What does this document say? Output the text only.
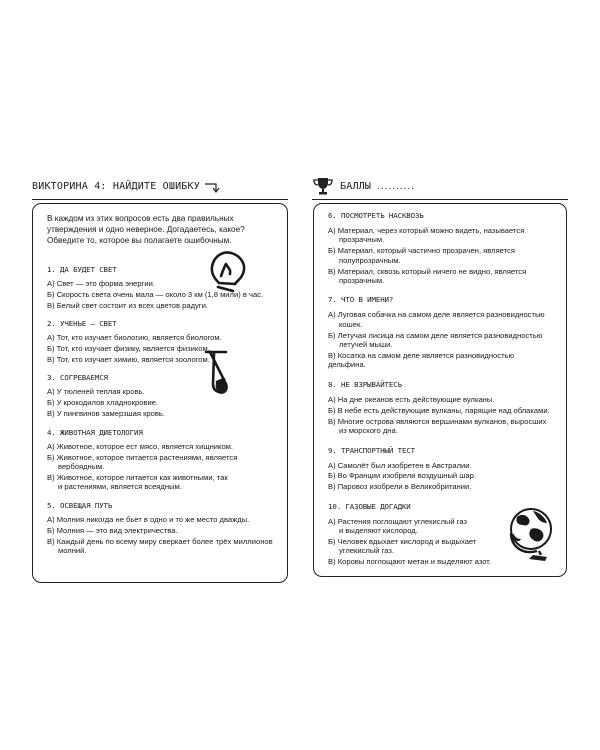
ВИКТОРИНА 4: НАЙДИТЕ ОШИБКУ	БАЛЛЫ ..........

В каждом из этих вопросов есть два правильных утверждения и одно неверное. Догадаетесь, какое? Обведите то, которое вы полагаете ошибочным.

1. ДА БУДЕТ СВЕТ

А) Свет — это форма энергии.

Б) Скорость света очень мала — около 3 км (1,8 мили) в час.

В) Белый свет состоит из всех цветов радуги.

2. УЧЕНЬЕ – СВЕТ

А) Тот, кто изучает биологию, является биологом.

Б) Тот, кто изучает физику, является физиком.

В) Тот, кто изучает химию, является зоологом.

3. СОГРЕВАЕМСЯ

А) У тюленей теплая кровь.

Б) У крокодилов хладнокровие.

В) У пингвинов замерзшая кровь.

4. ЖИВОТНАЯ ДИЕТОЛОГИЯ

А) Животное, которое ест мясо, является хищником.

Б) Животное, которое питается растениями, является
вербоядным.

В) Животное, которое питается как животными, так
и растениями, является всеядным.

5. ОСВЕЩАЯ ПУТЬ

А) Молния никогда не бьет в одно и то же место дважды.

Б) Молния — это вид электричества.

В) Каждый день по всему миру сверкает более трёх миллионов
молний.

6. ПОСМОТРЕТЬ НАСКВОЗЬ

А) Материал, через который можно видеть, называется
прозрачным.

Б) Материал, который частично прозрачен, является
полупрозрачным.

В) Материал, сквозь который ничего не видно, является
прозрачным.

7. ЧТО В ИМЕНИ?

А) Луговая собачка на самом деле является разновидностью
кошек.

Б) Летучая лисица на самом деле является разновидностью
летучей мыши.

В) Косатка на самом деле является разновидностью дельфина.

8. НЕ ВЗРЫВАЙТЕСЬ

А) На дне океанов есть действующие вулканы.

Б) В небе есть действующие вулканы, парящие над облаками.

В) Многие острова являются вершинами вулканов, выросших
из морского дна.

9. ТРАНСПОРТНЫЙ ТЕСТ

А) Самолёт был изобретен в Австралии.

Б) Во Франции изобрели воздушный шар.

В) Паровоз изобрели в Великобритании.

10. ГАЗОВЫЕ ДОГАДКИ

А) Растения поглощают углекислый газ
и выделяют кислород.

Б) Человек вдыхает кислород и выдыхает
углекислый газ.

В) Коровы поглощают метан и выделяют азот.
